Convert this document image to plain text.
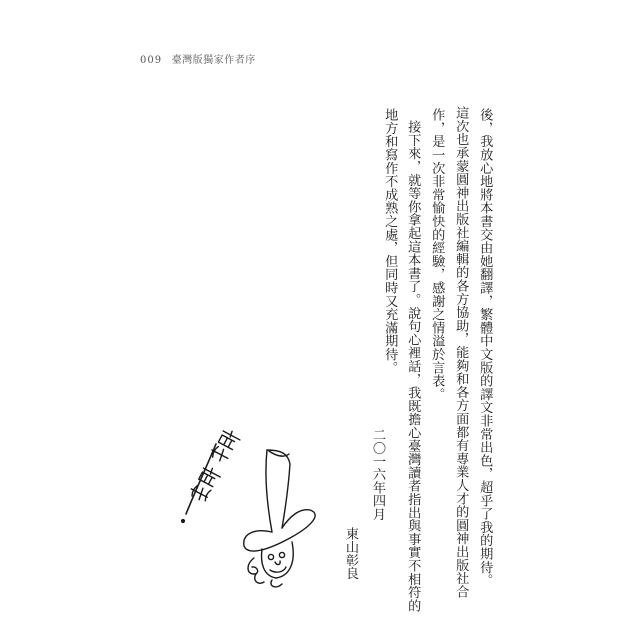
009 臺灣版獨家作者序
後，我放心地將本書交由她翻譯，繁體中文版的譯文非常出色，超乎了我的期待。
這次也承蒙圓神出版社編輯的各方協助，能夠和各方面都有專業人才的圓神出版社合
作，是一次非常愉快的經驗，感謝之情溢於言表。
接下來，就等你拿起這本書了。說句心裡話，我既擔心臺灣讀者指出與事實不相符的
地方和寫作不成熟之處，但同時又充滿期待。
二〇一六年四月
東山彰良
